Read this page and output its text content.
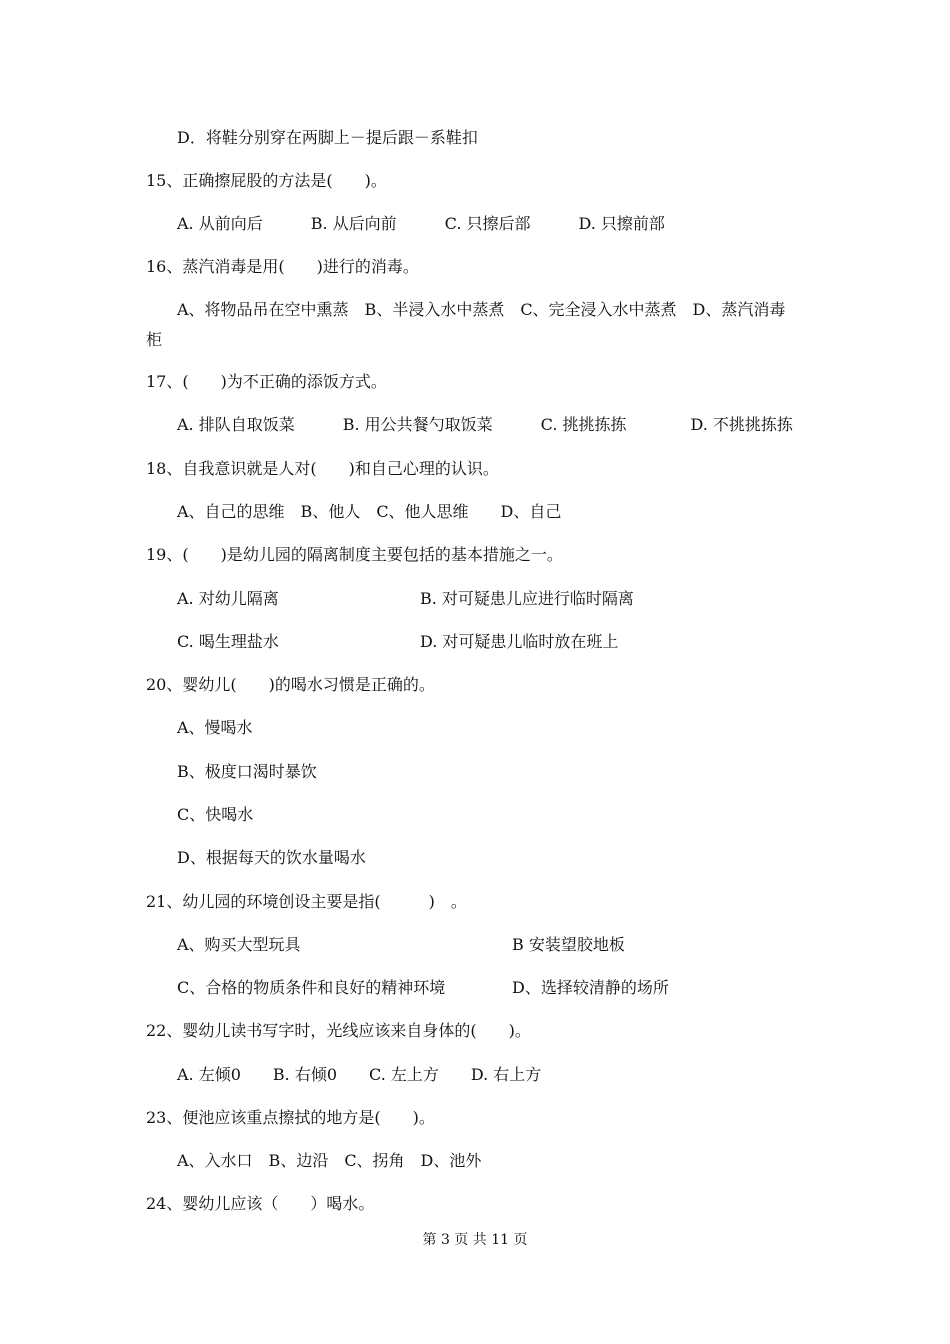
D．将鞋分别穿在两脚上－提后跟－系鞋扣
15、正确擦屁股的方法是(　　)。
A. 从前向后　　　B. 从后向前　　　C. 只擦后部　　　D. 只擦前部
16、蒸汽消毒是用(　　)进行的消毒。
A、将物品吊在空中熏蒸　B、半浸入水中蒸煮　C、完全浸入水中蒸煮　D、蒸汽消毒
柜
17、(　　)为不正确的添饭方式。
A. 排队自取饭菜　　　B. 用公共餐勺取饭菜　　　C. 挑挑拣拣　　　　D. 不挑挑拣拣
18、自我意识就是人对(　　)和自己心理的认识。
A、自己的思维　B、他人　C、他人思维　　D、自己
19、(　　)是幼儿园的隔离制度主要包括的基本措施之一。
A. 对幼儿隔离	B. 对可疑患儿应进行临时隔离
C. 喝生理盐水	D. 对可疑患儿临时放在班上
20、婴幼儿(　　)的喝水习惯是正确的。
A、慢喝水
B、极度口渴时暴饮
C、快喝水
D、根据每天的饮水量喝水
21、幼儿园的环境创设主要是指(　　　)　。
A、购买大型玩具	B 安装望胶地板
C、合格的物质条件和良好的精神环境	D、选择较清静的场所
22、婴幼儿读书写字时，光线应该来自身体的(　　)。
A. 左倾0　　B. 右倾0　　C. 左上方　　D. 右上方
23、便池应该重点擦拭的地方是(　　)。
A、入水口　B、边沿　C、拐角　D、池外
24、婴幼儿应该（　　）喝水。
第 3 页 共 11 页
